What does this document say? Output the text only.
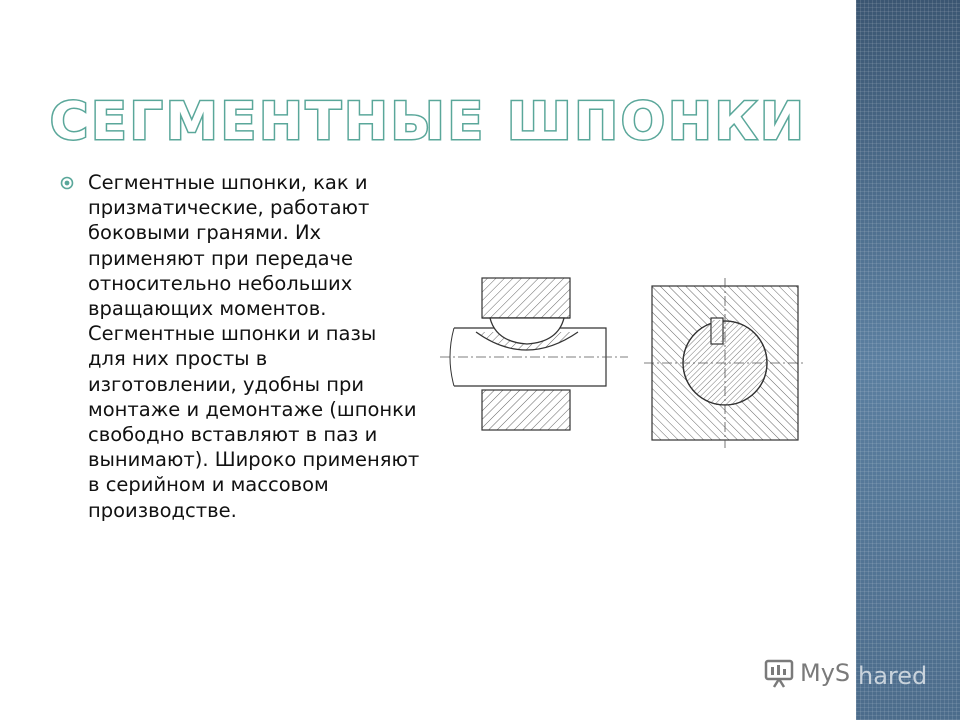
СЕГМЕНТНЫЕ ШПОНКИ

Сегментные шпонки, как и призматические, работают боковыми гранями. Их применяют при передаче относительно небольших вращающих моментов. Сегментные шпонки и пазы для них просты в изготовлении, удобны при монтаже и демонтаже (шпонки свободно вставляют в паз и вынимают). Широко применяют в серийном и массовом производстве.

MyS hared
